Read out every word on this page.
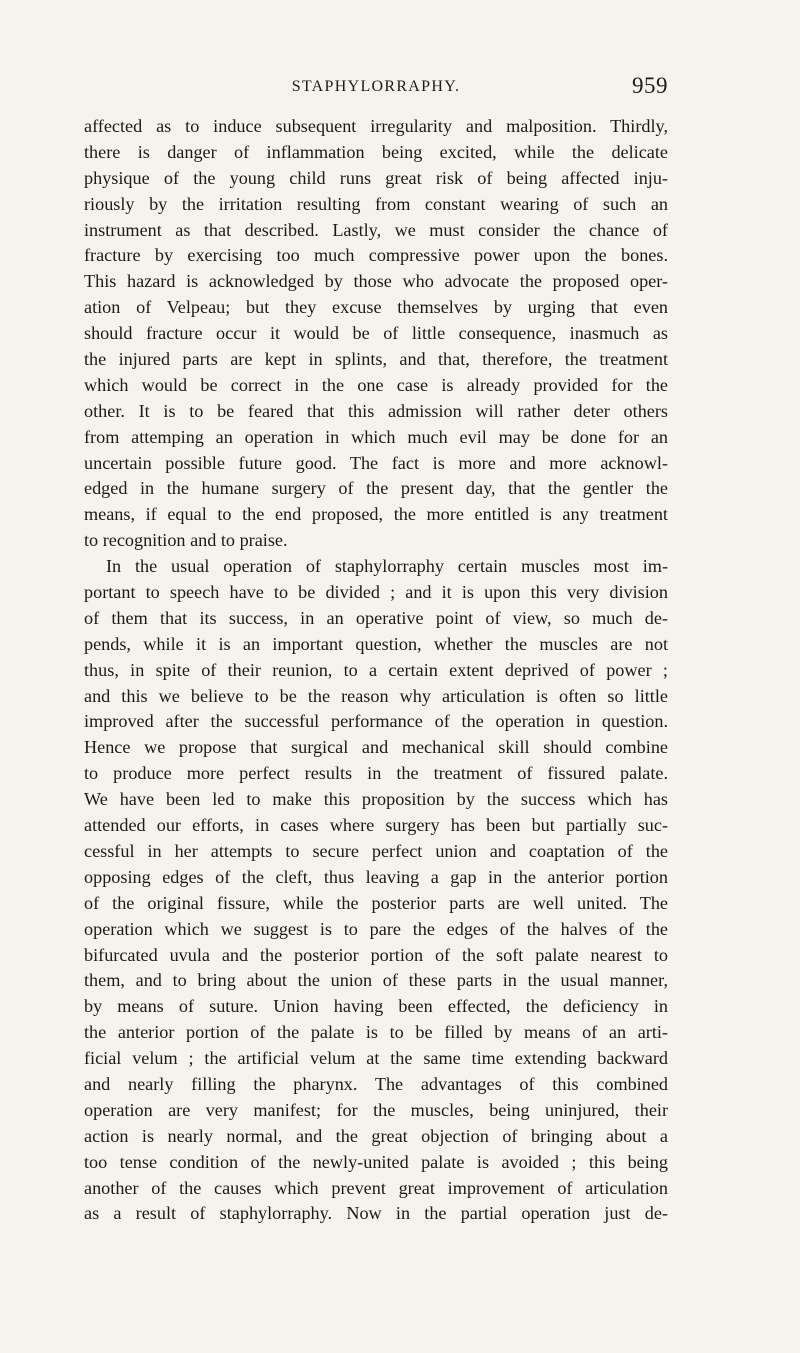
STAPHYLORRAPHY.	959
affected as to induce subsequent irregularity and malposition. Thirdly,
there is danger of inflammation being excited, while the delicate
physique of the young child runs great risk of being affected inju-
riously by the irritation resulting from constant wearing of such an
instrument as that described. Lastly, we must consider the chance of
fracture by exercising too much compressive power upon the bones.
This hazard is acknowledged by those who advocate the proposed oper-
ation of Velpeau; but they excuse themselves by urging that even
should fracture occur it would be of little consequence, inasmuch as
the injured parts are kept in splints, and that, therefore, the treatment
which would be correct in the one case is already provided for the
other. It is to be feared that this admission will rather deter others
from attemping an operation in which much evil may be done for an
uncertain possible future good. The fact is more and more acknowl-
edged in the humane surgery of the present day, that the gentler the
means, if equal to the end proposed, the more entitled is any treatment
to recognition and to praise.
In the usual operation of staphylorraphy certain muscles most im-
portant to speech have to be divided ; and it is upon this very division
of them that its success, in an operative point of view, so much de-
pends, while it is an important question, whether the muscles are not
thus, in spite of their reunion, to a certain extent deprived of power ;
and this we believe to be the reason why articulation is often so little
improved after the successful performance of the operation in question.
Hence we propose that surgical and mechanical skill should combine
to produce more perfect results in the treatment of fissured palate.
We have been led to make this proposition by the success which has
attended our efforts, in cases where surgery has been but partially suc-
cessful in her attempts to secure perfect union and coaptation of the
opposing edges of the cleft, thus leaving a gap in the anterior portion
of the original fissure, while the posterior parts are well united. The
operation which we suggest is to pare the edges of the halves of the
bifurcated uvula and the posterior portion of the soft palate nearest to
them, and to bring about the union of these parts in the usual manner,
by means of suture. Union having been effected, the deficiency in
the anterior portion of the palate is to be filled by means of an arti-
ficial velum ; the artificial velum at the same time extending backward
and nearly filling the pharynx. The advantages of this combined
operation are very manifest; for the muscles, being uninjured, their
action is nearly normal, and the great objection of bringing about a
too tense condition of the newly-united palate is avoided ; this being
another of the causes which prevent great improvement of articulation
as a result of staphylorraphy. Now in the partial operation just de-
